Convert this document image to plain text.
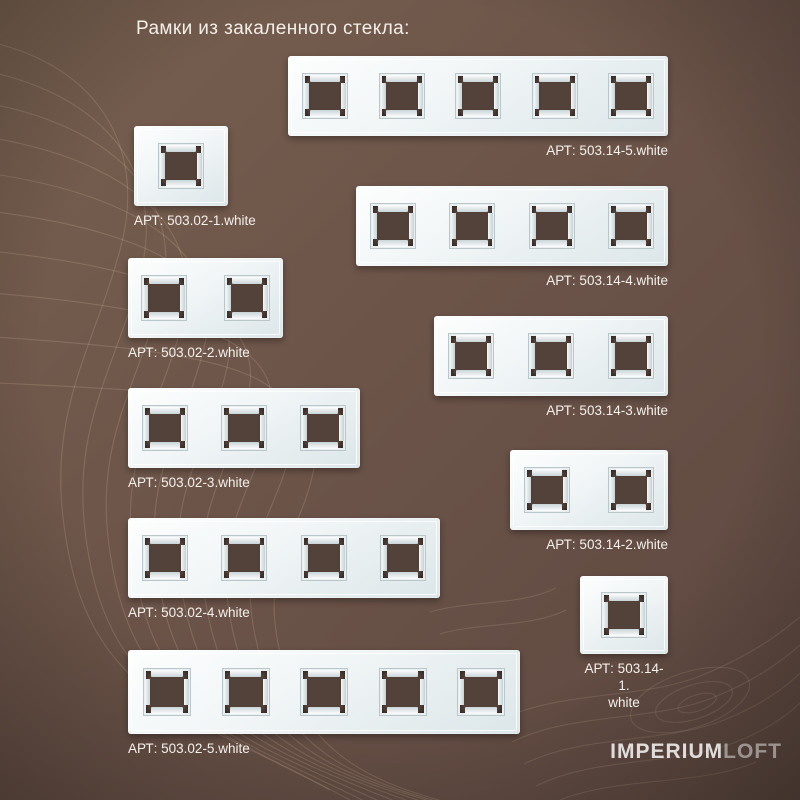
Рамки из закаленного стекла:
АРТ: 503.02-1.white
АРТ: 503.02-2.white
АРТ: 503.02-3.white
АРТ: 503.02-4.white
АРТ: 503.02-5.white
АРТ: 503.14-5.white
АРТ: 503.14-4.white
АРТ: 503.14-3.white
АРТ: 503.14-2.white
АРТ: 503.14-1.
white
IMPERIUMLOFT
